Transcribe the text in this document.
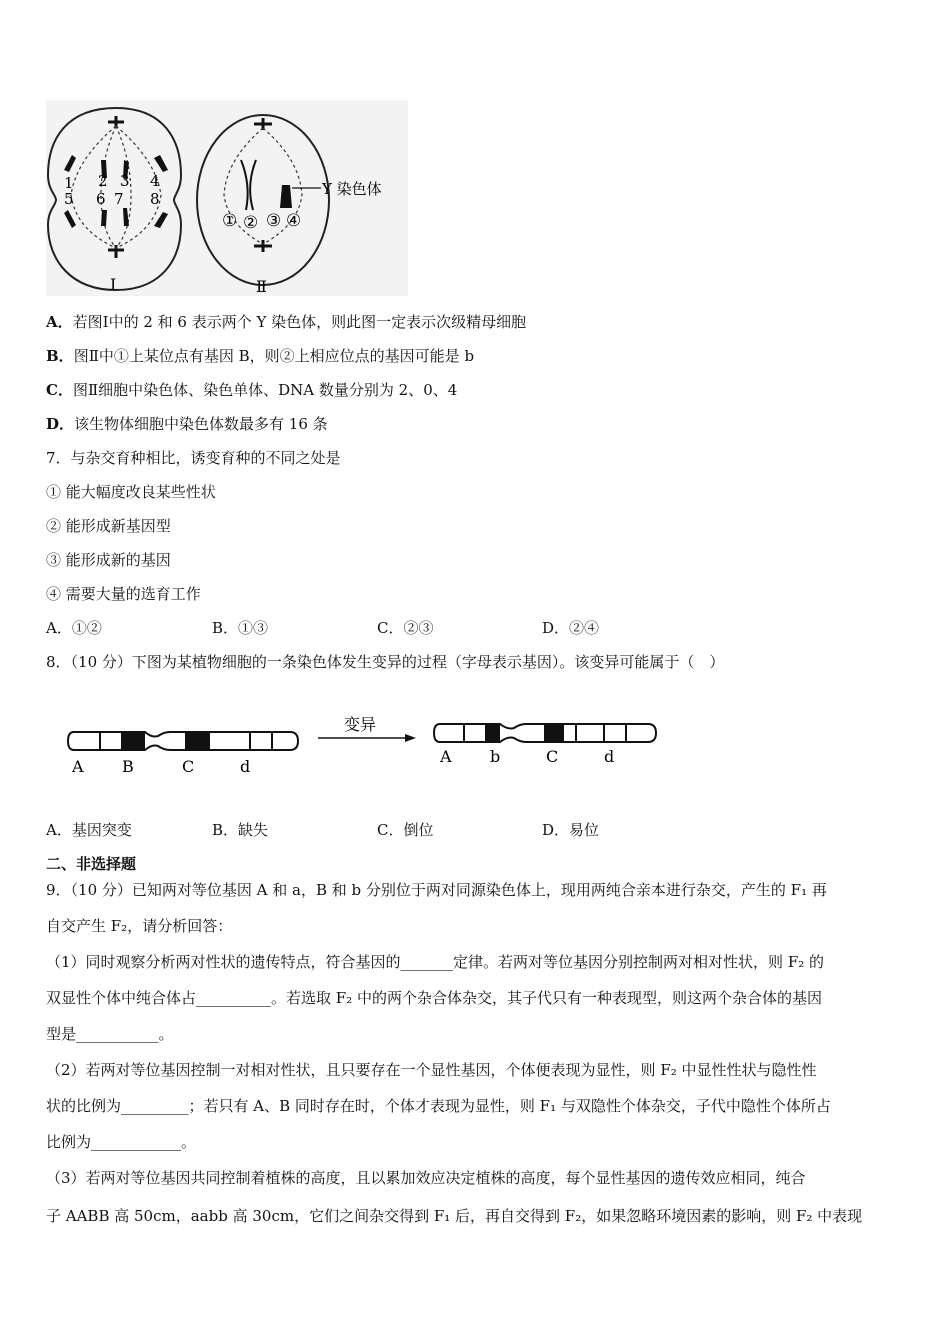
1
5
2 3
6 7
4
8
Ⅰ
Y 染色体
① ② ③ ④
Ⅱ
A．若图Ⅰ中的 2 和 6 表示两个 Y 染色体，则此图一定表示次级精母细胞
B．图Ⅱ中①上某位点有基因 B，则②上相应位点的基因可能是 b
C．图Ⅱ细胞中染色体、染色单体、DNA 数量分别为 2、0、4
D．该生物体细胞中染色体数最多有 16 条
7．与杂交育种相比，诱变育种的不同之处是
① 能大幅度改良某些性状
② 能形成新基因型
③ 能形成新的基因
④ 需要大量的选育工作
A．①②	B．①③	C．②③	D．②④
8．（10 分）下图为某植物细胞的一条染色体发生变异的过程（字母表示基因）。该变异可能属于（　）
A B	C	d
变异
A b	C	d
A．基因突变	B．缺失	C．倒位	D．易位
二、非选择题
9．（10 分）已知两对等位基因 A 和 a，B 和 b 分别位于两对同源染色体上，现用两纯合亲本进行杂交，产生的 F₁ 再
自交产生 F₂，请分析回答：
（1）同时观察分析两对性状的遗传特点，符合基因的_______定律。若两对等位基因分别控制两对相对性状，则 F₂ 的
双显性个体中纯合体占__________。若选取 F₂ 中的两个杂合体杂交，其子代只有一种表现型，则这两个杂合体的基因
型是___________。
（2）若两对等位基因控制一对相对性状，且只要存在一个显性基因，个体便表现为显性，则 F₂ 中显性性状与隐性性
状的比例为_________；若只有 A、B 同时存在时，个体才表现为显性，则 F₁ 与双隐性个体杂交，子代中隐性个体所占
比例为____________。
（3）若两对等位基因共同控制着植株的高度，且以累加效应决定植株的高度，每个显性基因的遗传效应相同，纯合
子 AABB 高 50cm，aabb 高 30cm，它们之间杂交得到 F₁ 后，再自交得到 F₂，如果忽略环境因素的影响，则 F₂ 中表现
